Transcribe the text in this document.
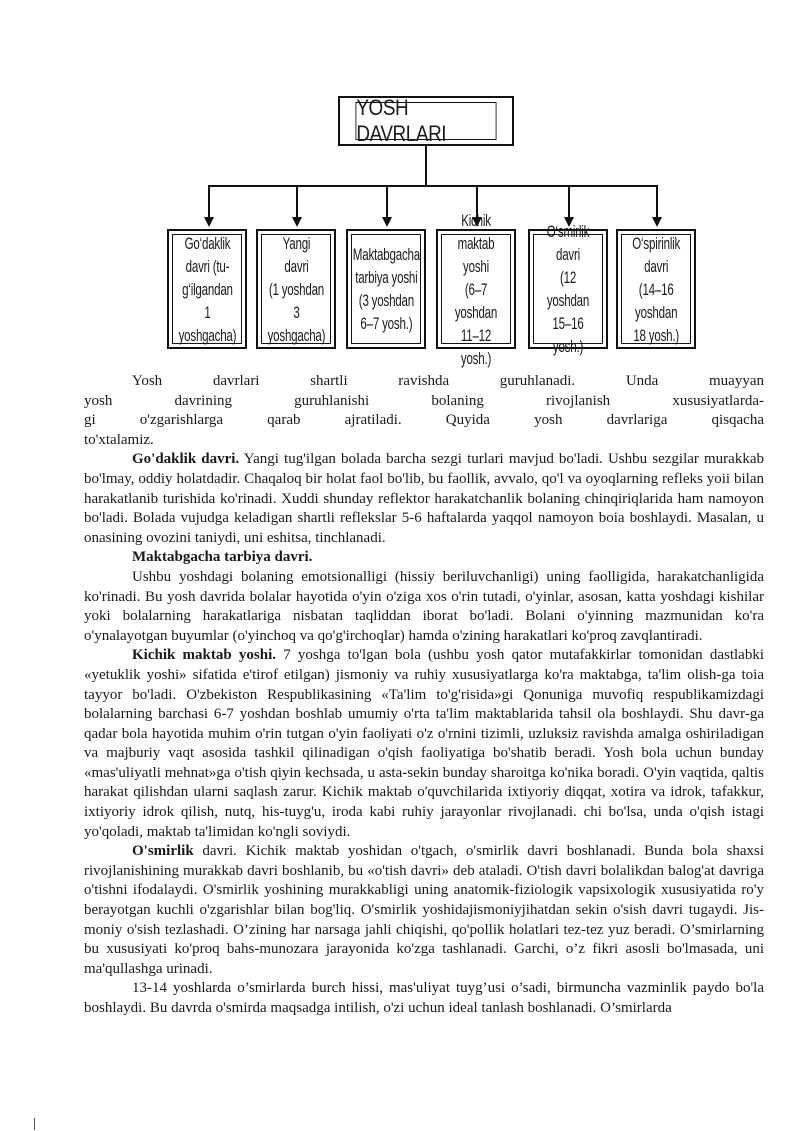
YOSH DAVRLARI
Go‘daklik
davri (tu-
g‘ilgandan
1 yoshgacha)
Yangi
davri
(1 yoshdan
3 yoshgacha)
Maktabgacha
tarbiya yoshi
(3 yoshdan
6–7 yosh.)
Kichik
maktab yoshi
(6–7 yoshdan
11–12 yosh.)
O‘smirlik
davri
(12 yoshdan
15–16 yosh.)
O‘spirinlik
davri (14–16
yoshdan
18 yosh.)

Yosh davrlari shartli ravishda guruhlanadi. Unda muayyan

yosh davrining guruhlanishi bolaning rivojlanish xususiyatlarda-

gi o'zgarishlarga qarab ajratiladi. Quyida yosh davrlariga qisqacha

to'xtalamiz.

Go'daklik davri. Yangi tug'ilgan bolada barcha sezgi turlari mavjud bo'ladi. Ushbu sezgilar murakkab bo'lmay, oddiy holatdadir. Chaqaloq bir holat faol bo'lib, bu faollik, avvalo, qo'l va oyoqlarning refleks yoii bilan harakatlanib turishida ko'rinadi. Xuddi shunday reflektor harakatchanlik bolaning chinqiriqlarida ham namoyon bo'ladi. Bolada vujudga keladigan shartli reflekslar 5-6 haftalarda yaqqol namoyon boia boshlaydi. Masalan, u onasining ovozini taniydi, uni eshitsa, tinchlanadi.

Maktabgacha tarbiya davri.

Ushbu yoshdagi bolaning emotsionalligi (hissiy beriluvchanligi) uning faolligida, harakatchanligida ko'rinadi. Bu yosh davrida bolalar hayotida o'yin o'ziga xos o'rin tutadi, o'yinlar, asosan, katta yoshdagi kishilar yoki bolalarning harakatlariga nisbatan taqliddan iborat bo'ladi. Bolani o'yinning mazmunidan ko'ra o'ynalayotgan buyumlar (o'yinchoq va qo'g'irchoqlar) hamda o'zining harakatlari ko'proq zavqlantiradi.

Kichik maktab yoshi. 7 yoshga to'lgan bola (ushbu yosh qator mutafakkirlar tomonidan dastlabki «yetuklik yoshi» sifatida e'tirof etilgan) jismoniy va ruhiy xususiyatlarga ko'ra maktabga, ta'lim olish-ga toia tayyor bo'ladi. O'zbekiston Respublikasining «Ta'lim to'g'risida»gi Qonuniga muvofiq respublikamizdagi bolalarning barchasi 6-7 yoshdan boshlab umumiy o'rta ta'lim maktablarida tahsil ola boshlaydi. Shu davr-ga qadar bola hayotida muhim o'rin tutgan o'yin faoliyati o'z o'rnini tizimli, uzluksiz ravishda amalga oshiriladigan va majburiy vaqt asosida tashkil qilinadigan o'qish faoliyatiga bo'shatib beradi. Yosh bola uchun bunday «mas'uliyatli mehnat»ga o'tish qiyin kechsada, u asta-sekin bunday sharoitga ko'nika boradi. O'yin vaqtida, qaltis harakat qilishdan ularni saqlash zarur. Kichik maktab o'quvchilarida ixtiyoriy diqqat, xotira va idrok, tafakkur, ixtiyoriy idrok qilish, nutq, his-tuyg'u, iroda kabi ruhiy jarayonlar rivojlanadi. chi bo'lsa, unda o'qish istagi yo'qoladi, maktab ta'limidan ko'ngli soviydi.

O'smirlik davri. Kichik maktab yoshidan o'tgach, o'smirlik davri boshlanadi. Bunda bola shaxsi rivojlanishining murakkab davri boshlanib, bu «o'tish davri» deb ataladi. O'tish davri bolalikdan balog'at davriga o'tishni ifodalaydi. O'smirlik yoshining murakkabligi uning anatomik-fiziologik vapsixologik xususiyatida ro'y berayotgan kuchli o'zgarishlar bilan bog'liq. O'smirlik yoshidajismoniyjihatdan sekin o'sish davri tugaydi. Jis-moniy o'sish tezlashadi. O’zining har narsaga jahli chiqishi, qo'pollik holatlari tez-tez yuz beradi. O’smirlarning bu xususiyati ko'proq bahs-munozara jarayonida ko'zga tashlanadi. Garchi, o’z fikri asosli bo'lmasada, uni ma'qullashga urinadi.

13-14 yoshlarda o’smirlarda burch hissi, mas'uliyat tuyg’usi o’sadi, birmuncha vazminlik paydo bo'la boshlaydi. Bu davrda o'smirda maqsadga intilish, o'zi uchun ideal tanlash boshlanadi. O’smirlarda
